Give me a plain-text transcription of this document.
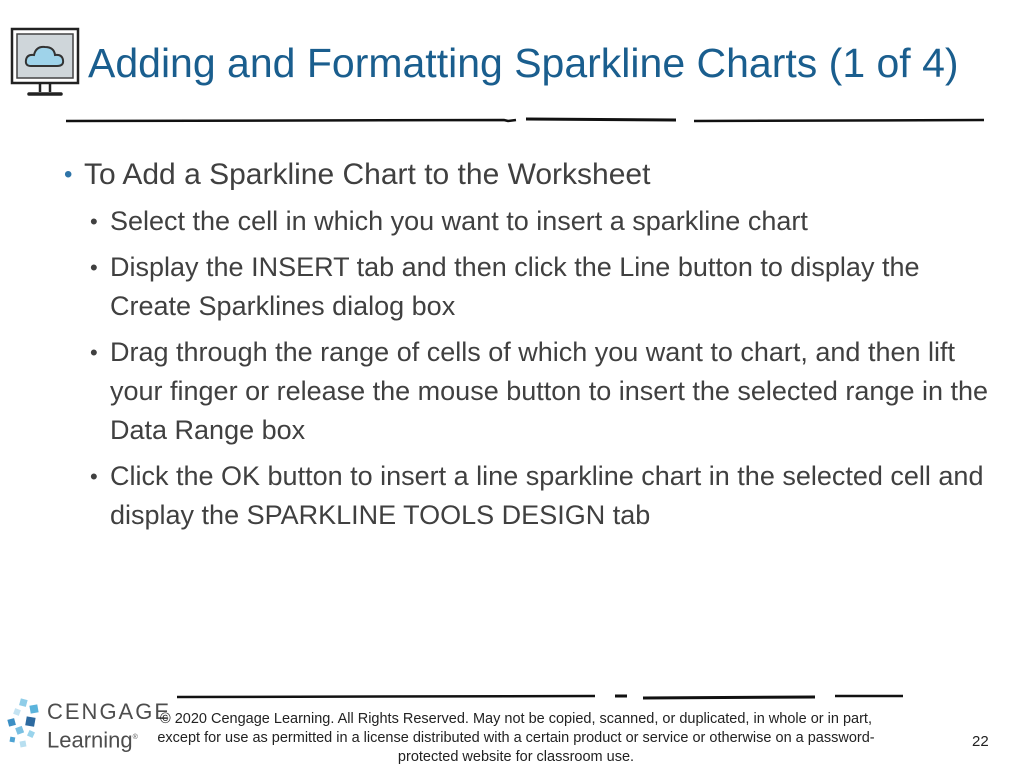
Adding and Formatting Sparkline Charts (1 of 4)
• To Add a Sparkline Chart to the Worksheet
• Select the cell in which you want to insert a sparkline chart
• Display the INSERT tab and then click the Line button to display the Create Sparklines dialog box
• Drag through the range of cells of which you want to chart, and then lift your finger or release the mouse button to insert the selected range in the Data Range box
• Click the OK button to insert a line sparkline chart in the selected cell and display the SPARKLINE TOOLS DESIGN tab
CENGAGE
Learning®
© 2020 Cengage Learning. All Rights Reserved. May not be copied, scanned, or duplicated, in whole or in part, except for use as permitted in a license distributed with a certain product or service or otherwise on a password-protected website for classroom use.
22
